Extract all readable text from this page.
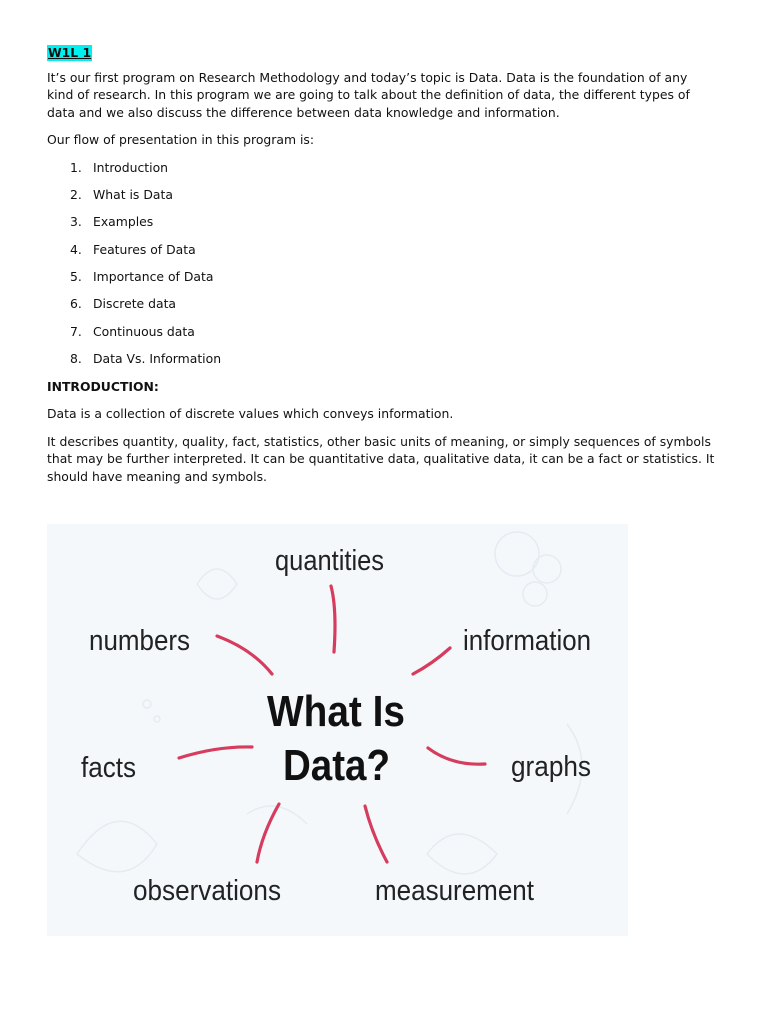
W1L 1

It’s our first program on Research Methodology and today’s topic is Data. Data is the foundation of any kind of research. In this program we are going to talk about the definition of data, the different types of data and we also discuss the difference between data knowledge and information.

Our flow of presentation in this program is:

1. Introduction
2. What is Data
3. Examples
4. Features of Data
5. Importance of Data
6. Discrete data
7. Continuous data
8. Data Vs. Information
INTRODUCTION:

Data is a collection of discrete values which conveys information.

It describes quantity, quality, fact, statistics, other basic units of meaning, or simply sequences of symbols that may be further interpreted. It can be quantitative data, qualitative data, it can be a fact or statistics. It should have meaning and symbols.

quantities
numbers	information
facts	graphs
observations	measurement
What Is
Data?
